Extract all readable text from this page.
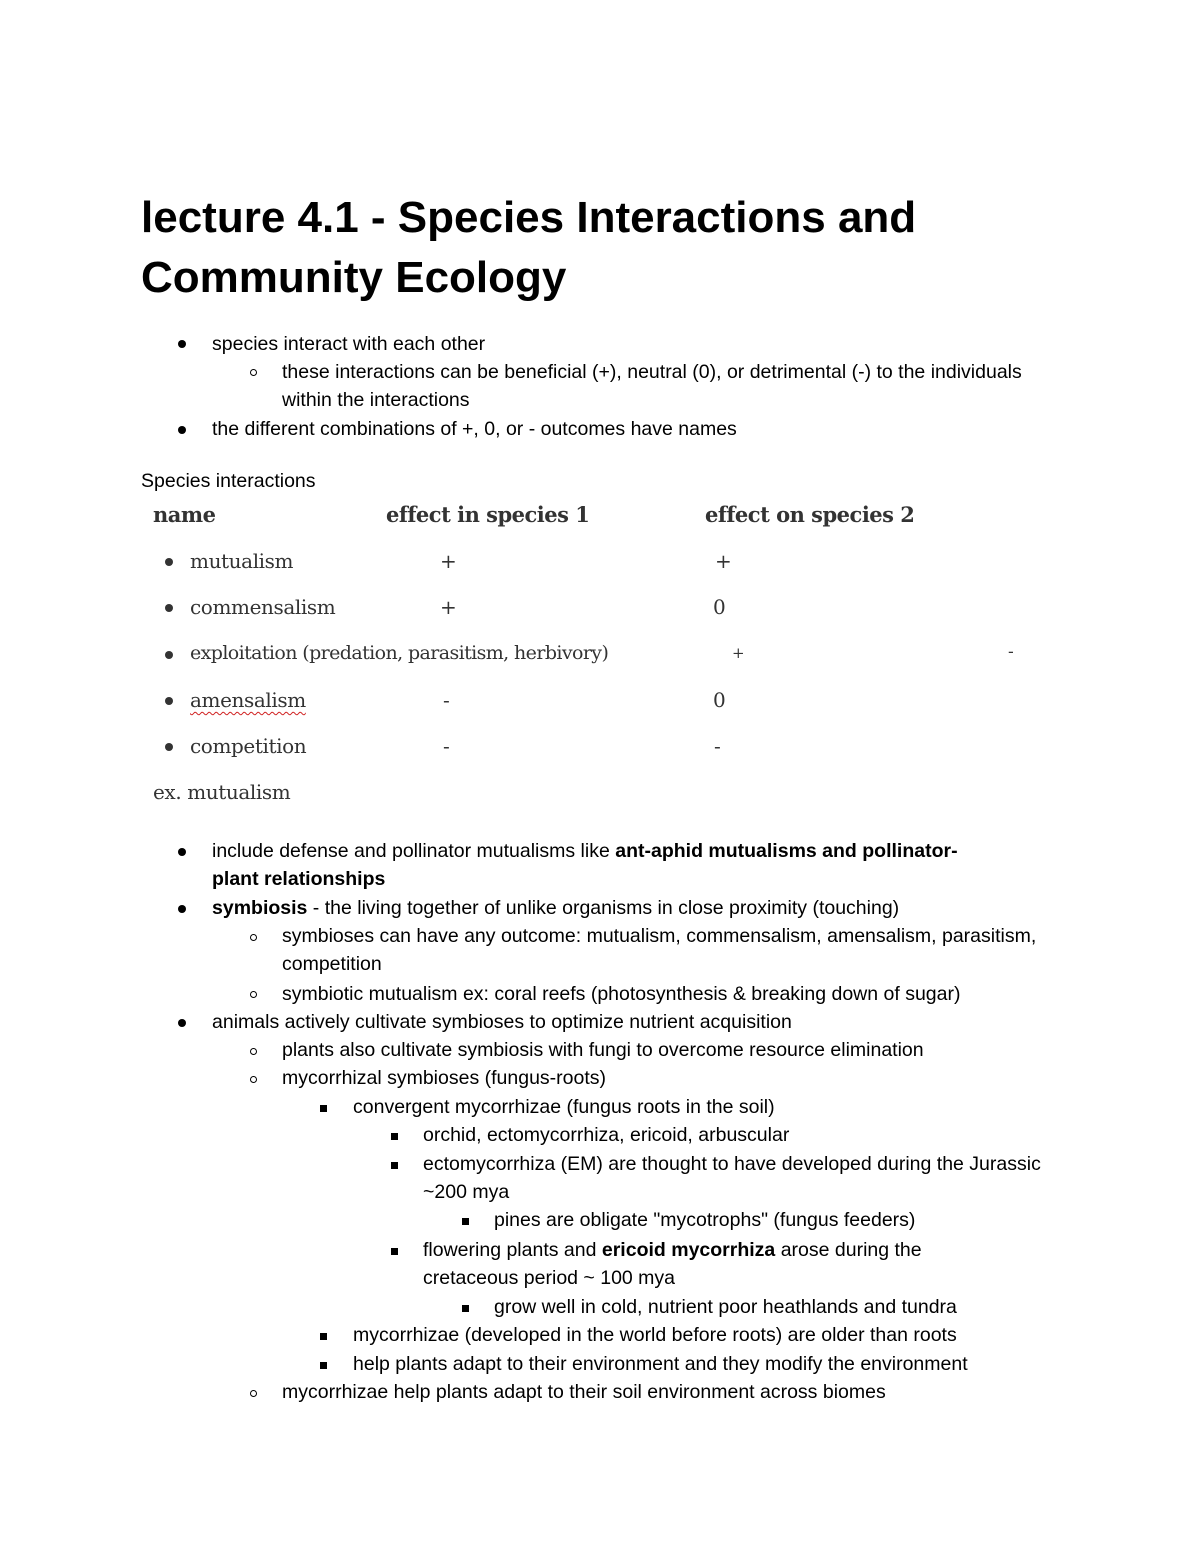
lecture 4.1 - Species Interactions and Community Ecology
species interact with each other
these interactions can be beneficial (+), neutral (0), or detrimental (-) to the individuals within the interactions
the different combinations of +, 0, or - outcomes have names
Species interactions
name	effect in species 1	effect on species 2
mutualism	+	+
commensalism	+	0
exploitation (predation, parasitism, herbivory)	+	-
amensalism	-	0
competition	-	-
ex. mutualism
include defense and pollinator mutualisms like ant-aphid mutualisms and pollinator-plant relationships
symbiosis - the living together of unlike organisms in close proximity (touching)
symbioses can have any outcome: mutualism, commensalism, amensalism, parasitism, competition
symbiotic mutualism ex: coral reefs (photosynthesis & breaking down of sugar)
animals actively cultivate symbioses to optimize nutrient acquisition
plants also cultivate symbiosis with fungi to overcome resource elimination
mycorrhizal symbioses (fungus-roots)
convergent mycorrhizae (fungus roots in the soil)
orchid, ectomycorrhiza, ericoid, arbuscular
ectomycorrhiza (EM) are thought to have developed during the Jurassic ~200 mya
pines are obligate "mycotrophs" (fungus feeders)
flowering plants and ericoid mycorrhiza arose during the cretaceous period ~ 100 mya
grow well in cold, nutrient poor heathlands and tundra
mycorrhizae (developed in the world before roots) are older than roots
help plants adapt to their environment and they modify the environment
mycorrhizae help plants adapt to their soil environment across biomes
